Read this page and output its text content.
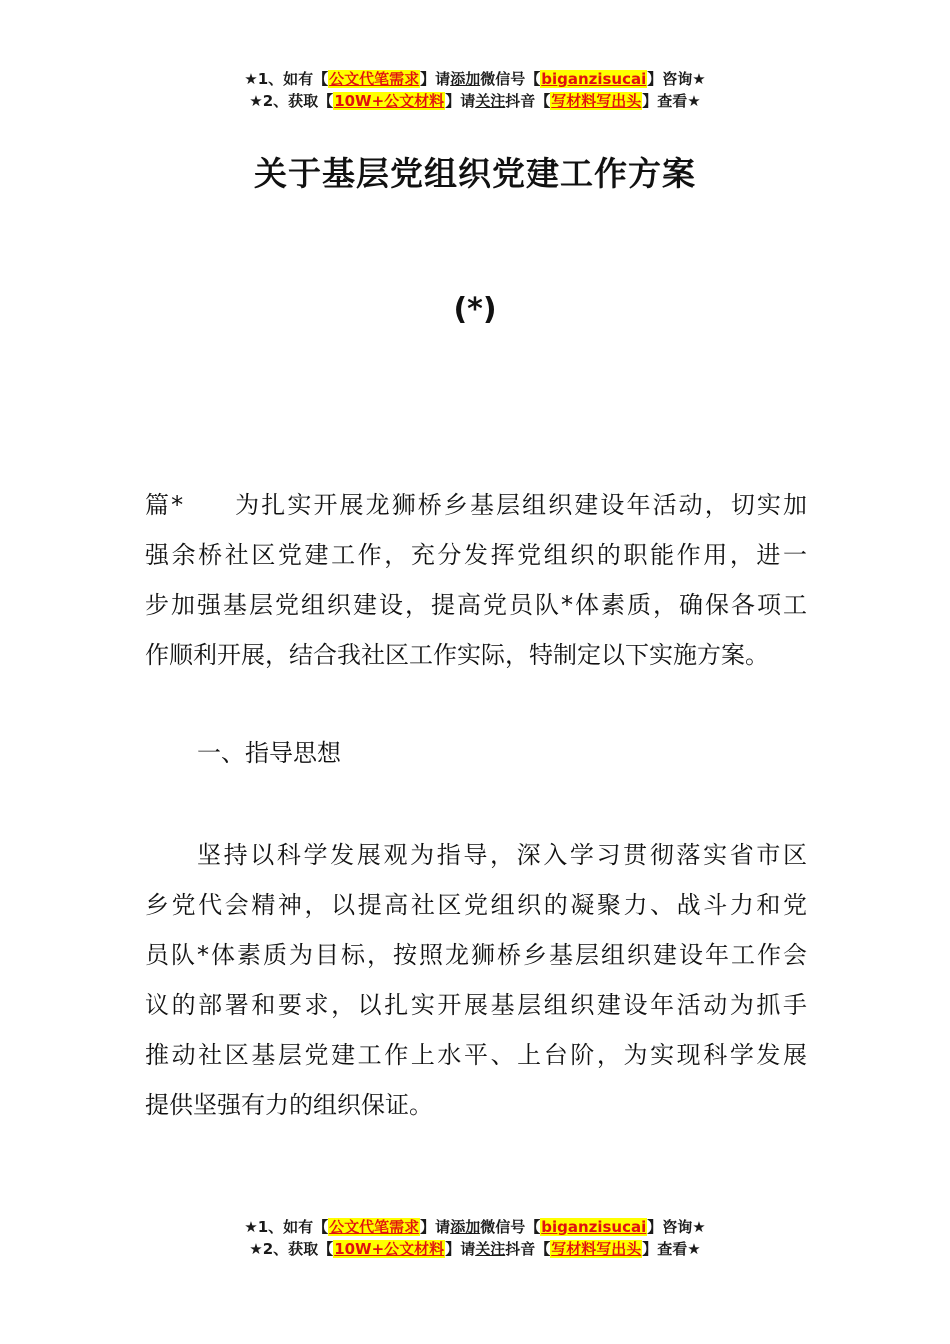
★1、如有【公文代笔需求】请添加微信号【biganzisucai】咨询★
★2、获取【10W+公文材料】请关注抖音【写材料写出头】查看★
关于基层党组织党建工作方案
(*)
篇* 为扎实开展龙狮桥乡基层组织建设年活动，切实加
强余桥社区党建工作，充分发挥党组织的职能作用，进一
步加强基层党组织建设，提高党员队*体素质，确保各项工
作顺利开展，结合我社区工作实际，特制定以下实施方案。
一、指导思想
坚持以科学发展观为指导，深入学习贯彻落实省市区
乡党代会精神，以提高社区党组织的凝聚力、战斗力和党
员队*体素质为目标，按照龙狮桥乡基层组织建设年工作会
议的部署和要求，以扎实开展基层组织建设年活动为抓手
推动社区基层党建工作上水平、上台阶，为实现科学发展
提供坚强有力的组织保证。
★1、如有【公文代笔需求】请添加微信号【biganzisucai】咨询★
★2、获取【10W+公文材料】请关注抖音【写材料写出头】查看★
